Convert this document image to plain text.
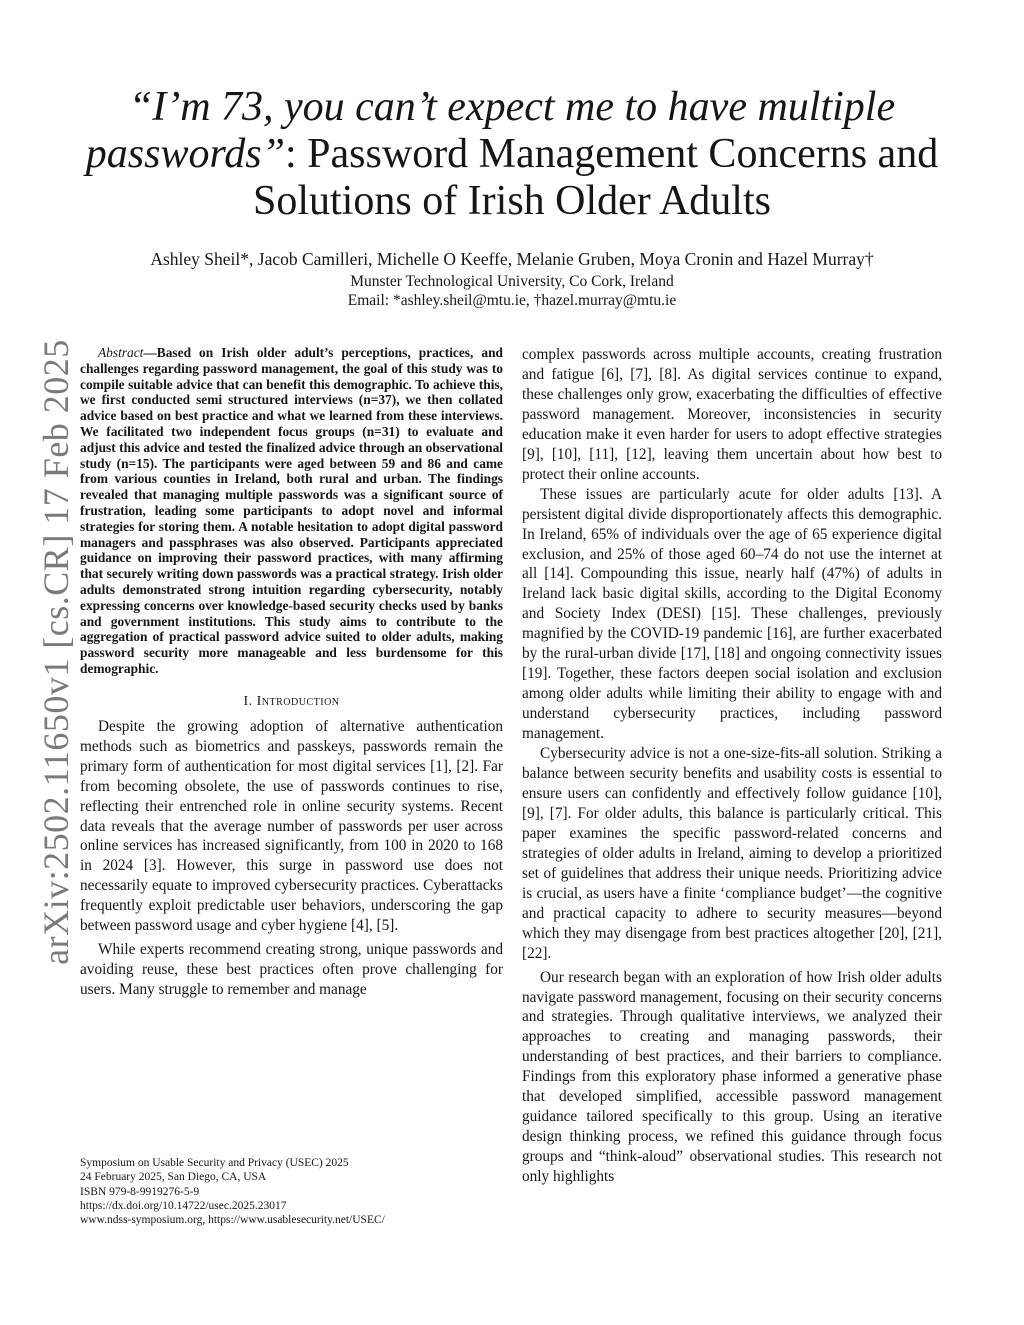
arXiv:2502.11650v1 [cs.CR] 17 Feb 2025
“I’m 73, you can’t expect me to have multiple passwords”: Password Management Concerns and Solutions of Irish Older Adults
Ashley Sheil*, Jacob Camilleri, Michelle O Keeffe, Melanie Gruben, Moya Cronin and Hazel Murray†
Munster Technological University, Co Cork, Ireland
Email: *ashley.sheil@mtu.ie, †hazel.murray@mtu.ie

Abstract—Based on Irish older adult’s perceptions, practices, and challenges regarding password management, the goal of this study was to compile suitable advice that can benefit this demographic. To achieve this, we first conducted semi structured interviews (n=37), we then collated advice based on best practice and what we learned from these interviews. We facilitated two independent focus groups (n=31) to evaluate and adjust this advice and tested the finalized advice through an observational study (n=15). The participants were aged between 59 and 86 and came from various counties in Ireland, both rural and urban. The findings revealed that managing multiple passwords was a significant source of frustration, leading some participants to adopt novel and informal strategies for storing them. A notable hesitation to adopt digital password managers and passphrases was also observed. Participants appreciated guidance on improving their password practices, with many affirming that securely writing down passwords was a practical strategy. Irish older adults demonstrated strong intuition regarding cybersecurity, notably expressing concerns over knowledge-based security checks used by banks and government institutions. This study aims to contribute to the aggregation of practical password advice suited to older adults, making password security more manageable and less burdensome for this demographic.

I. Introduction

Despite the growing adoption of alternative authentication methods such as biometrics and passkeys, passwords remain the primary form of authentication for most digital services [1], [2]. Far from becoming obsolete, the use of passwords continues to rise, reflecting their entrenched role in online security systems. Recent data reveals that the average number of passwords per user across online services has increased significantly, from 100 in 2020 to 168 in 2024 [3]. However, this surge in password use does not necessarily equate to improved cybersecurity practices. Cyberattacks frequently exploit predictable user behaviors, underscoring the gap between password usage and cyber hygiene [4], [5].

While experts recommend creating strong, unique passwords and avoiding reuse, these best practices often prove challenging for users. Many struggle to remember and manage

complex passwords across multiple accounts, creating frustration and fatigue [6], [7], [8]. As digital services continue to expand, these challenges only grow, exacerbating the difficulties of effective password management. Moreover, inconsistencies in security education make it even harder for users to adopt effective strategies [9], [10], [11], [12], leaving them uncertain about how best to protect their online accounts.

These issues are particularly acute for older adults [13]. A persistent digital divide disproportionately affects this demographic. In Ireland, 65% of individuals over the age of 65 experience digital exclusion, and 25% of those aged 60–74 do not use the internet at all [14]. Compounding this issue, nearly half (47%) of adults in Ireland lack basic digital skills, according to the Digital Economy and Society Index (DESI) [15]. These challenges, previously magnified by the COVID-19 pandemic [16], are further exacerbated by the rural-urban divide [17], [18] and ongoing connectivity issues [19]. Together, these factors deepen social isolation and exclusion among older adults while limiting their ability to engage with and understand cybersecurity practices, including password management.

Cybersecurity advice is not a one-size-fits-all solution. Striking a balance between security benefits and usability costs is essential to ensure users can confidently and effectively follow guidance [10], [9], [7]. For older adults, this balance is particularly critical. This paper examines the specific password-related concerns and strategies of older adults in Ireland, aiming to develop a prioritized set of guidelines that address their unique needs. Prioritizing advice is crucial, as users have a finite ‘compliance budget’—the cognitive and practical capacity to adhere to security measures—beyond which they may disengage from best practices altogether [20], [21], [22].

Our research began with an exploration of how Irish older adults navigate password management, focusing on their security concerns and strategies. Through qualitative interviews, we analyzed their approaches to creating and managing passwords, their understanding of best practices, and their barriers to compliance. Findings from this exploratory phase informed a generative phase that developed simplified, accessible password management guidance tailored specifically to this group. Using an iterative design thinking process, we refined this guidance through focus groups and “think-aloud” observational studies. This research not only highlights

Symposium on Usable Security and Privacy (USEC) 2025
24 February 2025, San Diego, CA, USA
ISBN 979-8-9919276-5-9
https://dx.doi.org/10.14722/usec.2025.23017
www.ndss-symposium.org, https://www.usablesecurity.net/USEC/
